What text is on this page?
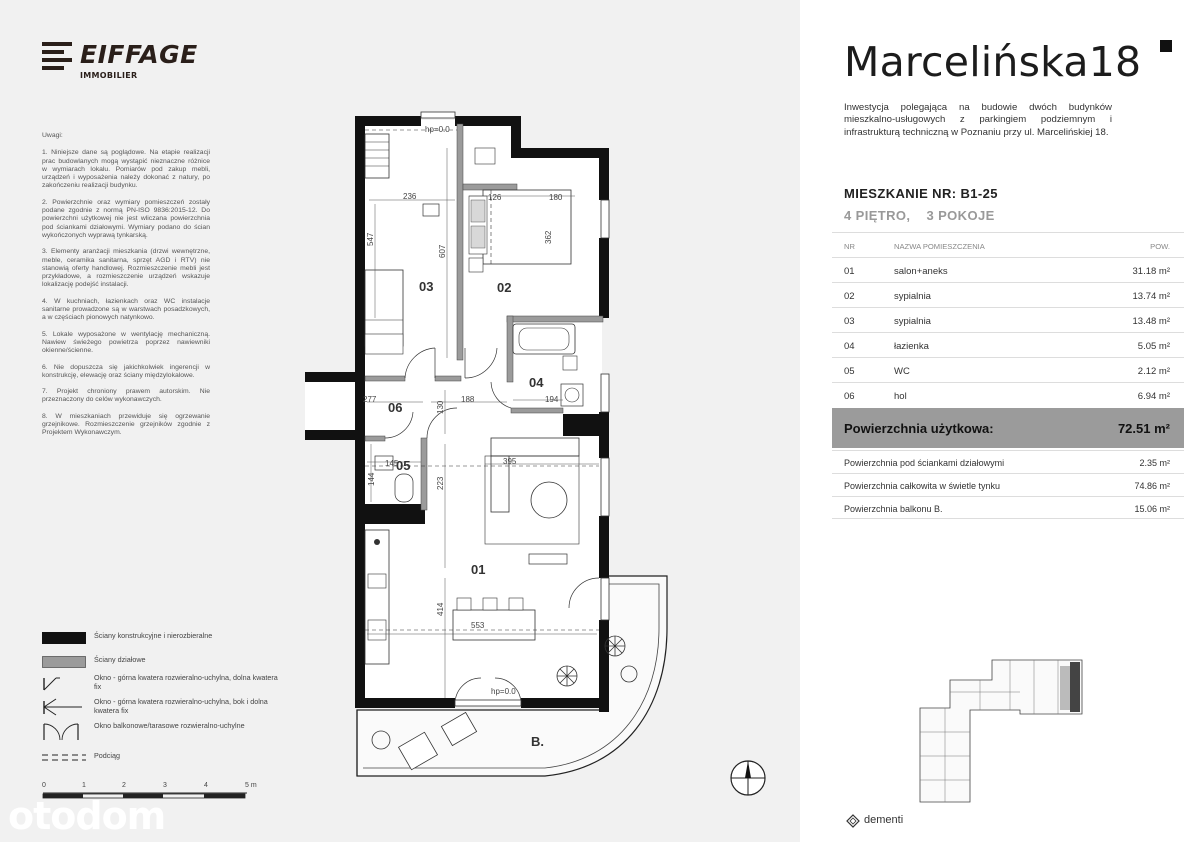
EIFFAGE
IMMOBILIER
Uwagi:
1. Niniejsze dane są poglądowe. Na etapie realizacji prac budowlanych mogą wystąpić nieznaczne różnice w wymiarach lokalu. Pomiarów pod zakup mebli, urządzeń i wyposażenia należy dokonać z natury, po zakończeniu realizacji budynku.
2. Powierzchnie oraz wymiary pomieszczeń zostały podane zgodnie z normą PN-ISO 9836:2015-12. Do powierzchni użytkowej nie jest wliczana powierzchnia pod ściankami działowymi. Wymiary podano do ścian wykończonych wyprawą tynkarską.
3. Elementy aranżacji mieszkania (drzwi wewnętrzne, meble, ceramika sanitarna, sprzęt AGD i RTV) nie stanowią oferty handlowej. Rozmieszczenie mebli jest przykładowe, a rozmieszczenie urządzeń wskazuje lokalizację podejść instalacji.
4. W kuchniach, łazienkach oraz WC instalacje sanitarne prowadzone są w warstwach posadzkowych, a w częściach pionowych natynkowo.
5. Lokale wyposażone w wentylację mechaniczną. Nawiew świeżego powietrza poprzez nawiewniki okienne/ścienne.
6. Nie dopuszcza się jakichkolwiek ingerencji w konstrukcję, elewację oraz ściany międzylokalowe.
7. Projekt chroniony prawem autorskim. Nie przeznaczony do celów wykonawczych.
8. W mieszkaniach przewiduje się ogrzewanie grzejnikowe. Rozmieszczenie grzejników zgodnie z Projektem Wykonawczym.
Ściany konstrukcyjne i nierozbieralne
Ściany działowe
Okno - górna kwatera rozwieralno-uchylna, dolna kwatera fix
Okno - górna kwatera rozwieralno-uchylna, bok i dolna kwatera fix
Okno balkonowe/tarasowe rozwieralno-uchylne
Podciąg
0	1	2	3	4	5 m
03	02
04
06
05
01
B.
236
547
607
126	180
362
277	188
130
194
145
144	223
395
414
553
hp=0.0
hp=0.0
otodom
Marcelińska18
Inwestycja polegająca na budowie dwóch budynków mieszkalno-usługowych z parkingiem podziemnym i infrastrukturą techniczną w Poznaniu przy ul. Marcelińskiej 18.
MIESZKANIE NR: B1-25
4 PIĘTRO, 3 POKOJE
NR	NAZWA POMIESZCZENIA	POW.
01	salon+aneks	31.18 m²
02	sypialnia	13.74 m²
03	sypialnia	13.48 m²
04	łazienka	5.05 m²
05	WC	2.12 m²
06	hol	6.94 m²
Powierzchnia użytkowa:	72.51 m²
Powierzchnia pod ściankami działowymi	2.35 m²
Powierzchnia całkowita w świetle tynku	74.86 m²
Powierzchnia balkonu B.	15.06 m²
dementi
